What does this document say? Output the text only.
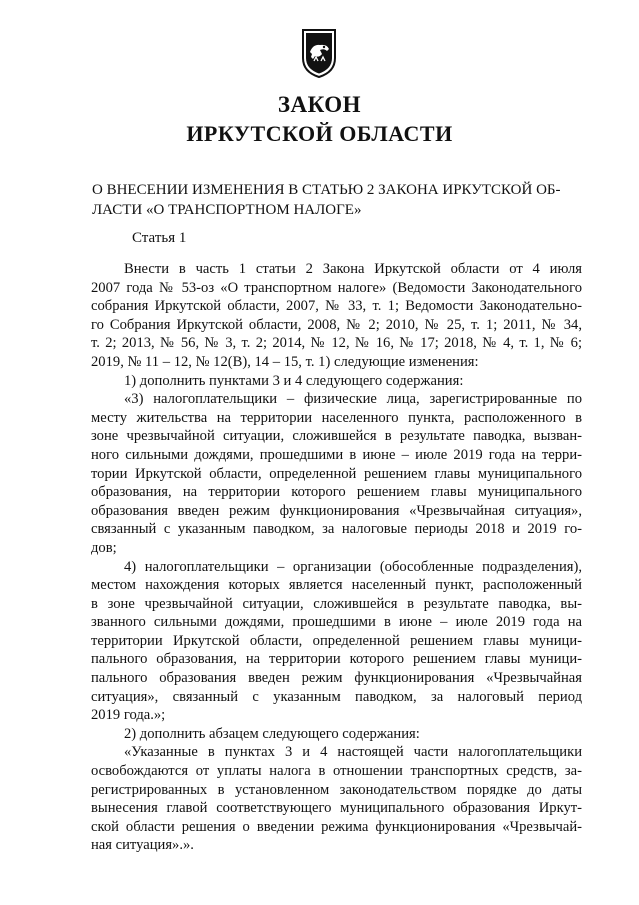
ЗАКОН
ИРКУТСКОЙ ОБЛАСТИ
О ВНЕСЕНИИ ИЗМЕНЕНИЯ В СТАТЬЮ 2 ЗАКОНА ИРКУТСКОЙ ОБ-
ЛАСТИ «О ТРАНСПОРТНОМ НАЛОГЕ»
Статья 1
Внести в часть 1 статьи 2 Закона Иркутской области от 4 июля
2007 года № 53-оз «О транспортном налоге» (Ведомости Законодательного
собрания Иркутской области, 2007, № 33, т. 1; Ведомости Законодательно-
го Собрания Иркутской области, 2008, № 2; 2010, № 25, т. 1; 2011, № 34,
т. 2; 2013, № 56, № 3, т. 2; 2014, № 12, № 16, № 17; 2018, № 4, т. 1, № 6;
2019, № 11 – 12, № 12(В), 14 – 15, т. 1) следующие изменения:
1) дополнить пунктами 3 и 4 следующего содержания:
«3) налогоплательщики – физические лица, зарегистрированные по
месту жительства на территории населенного пункта, расположенного в
зоне чрезвычайной ситуации, сложившейся в результате паводка, вызван-
ного сильными дождями, прошедшими в июне – июле 2019 года на терри-
тории Иркутской области, определенной решением главы муниципального
образования, на территории которого решением главы муниципального
образования введен режим функционирования «Чрезвычайная ситуация»,
связанный с указанным паводком, за налоговые периоды 2018 и 2019 го-
дов;
4) налогоплательщики – организации (обособленные подразделения),
местом нахождения которых является населенный пункт, расположенный
в зоне чрезвычайной ситуации, сложившейся в результате паводка, вы-
званного сильными дождями, прошедшими в июне – июле 2019 года на
территории Иркутской области, определенной решением главы муници-
пального образования, на территории которого решением главы муници-
пального образования введен режим функционирования «Чрезвычайная
ситуация», связанный с указанным паводком, за налоговый период
2019 года.»;
2) дополнить абзацем следующего содержания:
«Указанные в пунктах 3 и 4 настоящей части налогоплательщики
освобождаются от уплаты налога в отношении транспортных средств, за-
регистрированных в установленном законодательством порядке до даты
вынесения главой соответствующего муниципального образования Иркут-
ской области решения о введении режима функционирования «Чрезвычай-
ная ситуация».».
